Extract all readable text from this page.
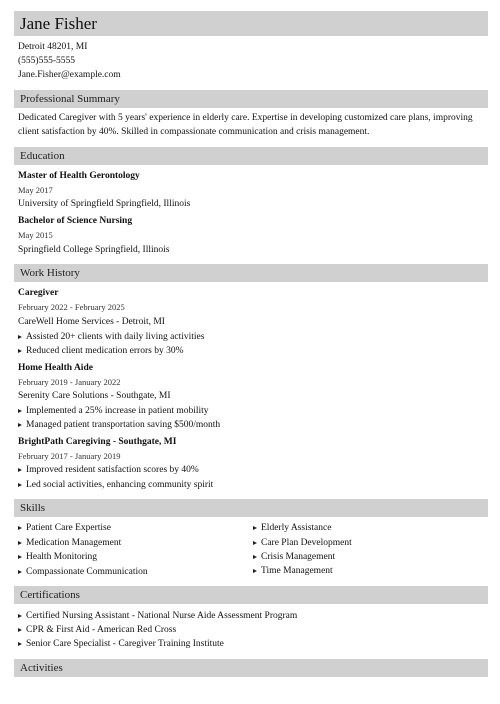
Jane Fisher
Detroit 48201, MI
(555)555-5555
Jane.Fisher@example.com
Professional Summary
Dedicated Caregiver with 5 years' experience in elderly care. Expertise in developing customized care plans, improving client satisfaction by 40%. Skilled in compassionate communication and crisis management.
Education
Master of Health Gerontology
May 2017
University of Springfield Springfield, Illinois
Bachelor of Science Nursing
May 2015
Springfield College Springfield, Illinois
Work History
Caregiver
February 2022 - February 2025
CareWell Home Services - Detroit, MI
Assisted 20+ clients with daily living activities
Reduced client medication errors by 30%
Home Health Aide
February 2019 - January 2022
Serenity Care Solutions - Southgate, MI
Implemented a 25% increase in patient mobility
Managed patient transportation saving $500/month
BrightPath Caregiving - Southgate, MI
February 2017 - January 2019
Improved resident satisfaction scores by 40%
Led social activities, enhancing community spirit
Skills
Patient Care Expertise
Medication Management
Health Monitoring
Compassionate Communication
Elderly Assistance
Care Plan Development
Crisis Management
Time Management
Certifications
Certified Nursing Assistant - National Nurse Aide Assessment Program
CPR & First Aid - American Red Cross
Senior Care Specialist - Caregiver Training Institute
Activities
